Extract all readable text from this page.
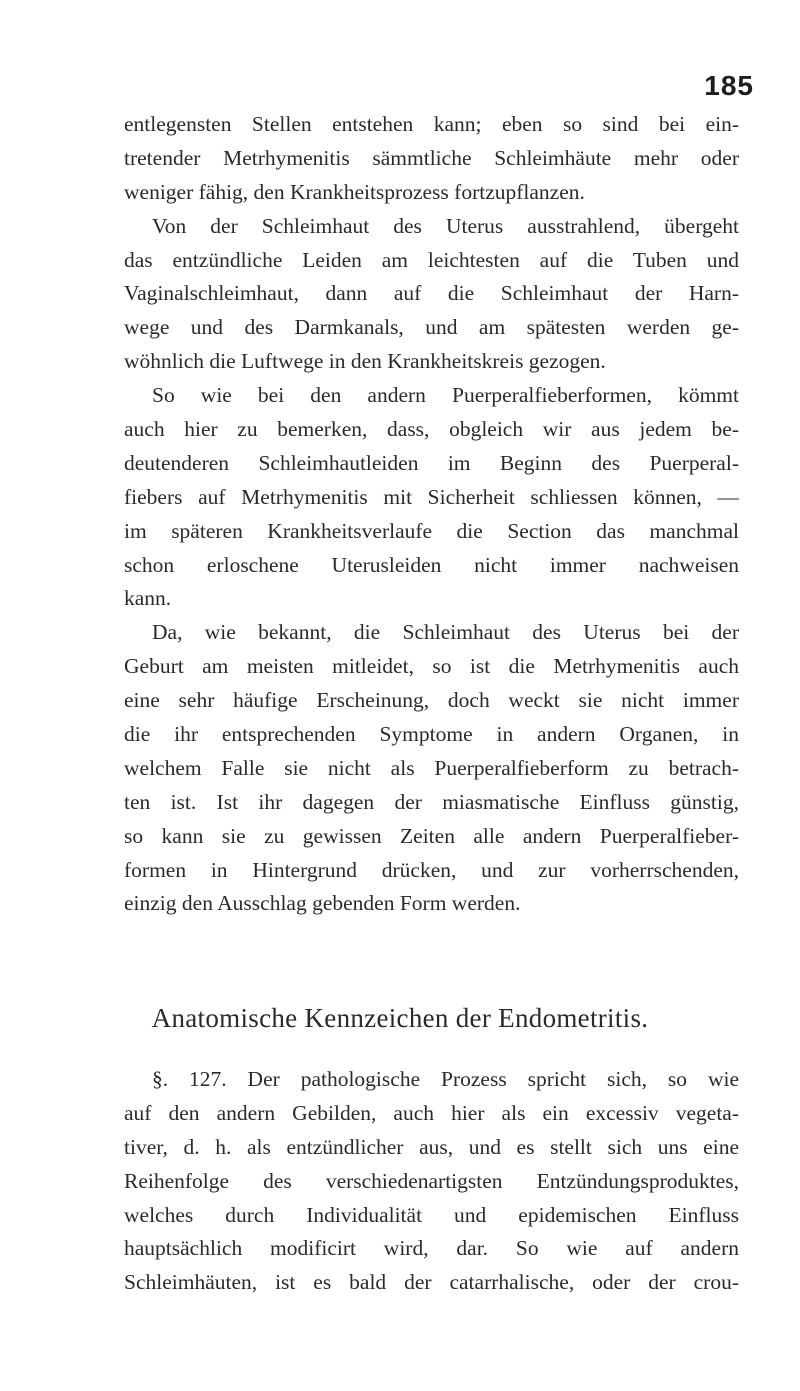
185
entlegensten Stellen entstehen kann; eben so sind bei ein-
tretender Metrhymenitis sämmtliche Schleimhäute mehr oder
weniger fähig, den Krankheitsprozess fortzupflanzen.
Von der Schleimhaut des Uterus ausstrahlend, übergeht
das entzündliche Leiden am leichtesten auf die Tuben und
Vaginalschleimhaut, dann auf die Schleimhaut der Harn-
wege und des Darmkanals, und am spätesten werden ge-
wöhnlich die Luftwege in den Krankheitskreis gezogen.
So wie bei den andern Puerperalfieberformen, kömmt
auch hier zu bemerken, dass, obgleich wir aus jedem be-
deutenderen Schleimhautleiden im Beginn des Puerperal-
fiebers auf Metrhymenitis mit Sicherheit schliessen können, —
im späteren Krankheitsverlaufe die Section das manchmal
schon erloschene Uterusleiden nicht immer nachweisen
kann.
Da, wie bekannt, die Schleimhaut des Uterus bei der
Geburt am meisten mitleidet, so ist die Metrhymenitis auch
eine sehr häufige Erscheinung, doch weckt sie nicht immer
die ihr entsprechenden Symptome in andern Organen, in
welchem Falle sie nicht als Puerperalfieberform zu betrach-
ten ist. Ist ihr dagegen der miasmatische Einfluss günstig,
so kann sie zu gewissen Zeiten alle andern Puerperalfieber-
formen in Hintergrund drücken, und zur vorherrschenden,
einzig den Ausschlag gebenden Form werden.
Anatomische Kennzeichen der Endometritis.
§. 127. Der pathologische Prozess spricht sich, so wie
auf den andern Gebilden, auch hier als ein excessiv vegeta-
tiver, d. h. als entzündlicher aus, und es stellt sich uns eine
Reihenfolge des verschiedenartigsten Entzündungsproduktes,
welches durch Individualität und epidemischen Einfluss
hauptsächlich modificirt wird, dar. So wie auf andern
Schleimhäuten, ist es bald der catarrhalische, oder der crou-
